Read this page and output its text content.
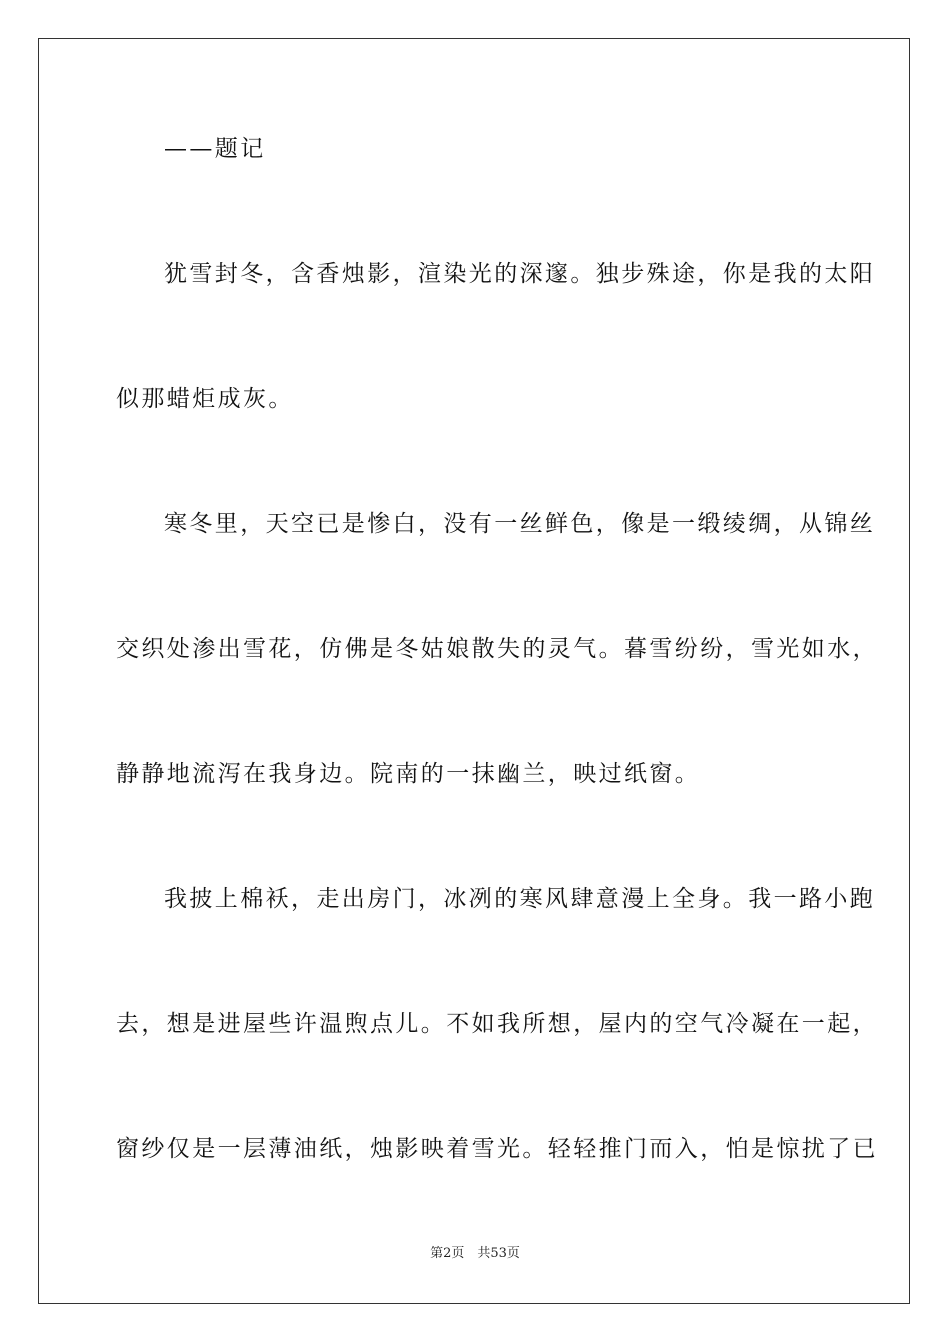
——题记
犹雪封冬，含香烛影，渲染光的深邃。独步殊途，你是我的太阳
似那蜡炬成灰。
寒冬里，天空已是惨白，没有一丝鲜色，像是一缎绫绸，从锦丝
交织处渗出雪花，仿佛是冬姑娘散失的灵气。暮雪纷纷，雪光如水，
静静地流泻在我身边。院南的一抹幽兰，映过纸窗。
我披上棉袄，走出房门，冰冽的寒风肆意漫上全身。我一路小跑
去，想是进屋些许温煦点儿。不如我所想，屋内的空气冷凝在一起，
窗纱仅是一层薄油纸，烛影映着雪光。轻轻推门而入，怕是惊扰了已
第2页　共53页
